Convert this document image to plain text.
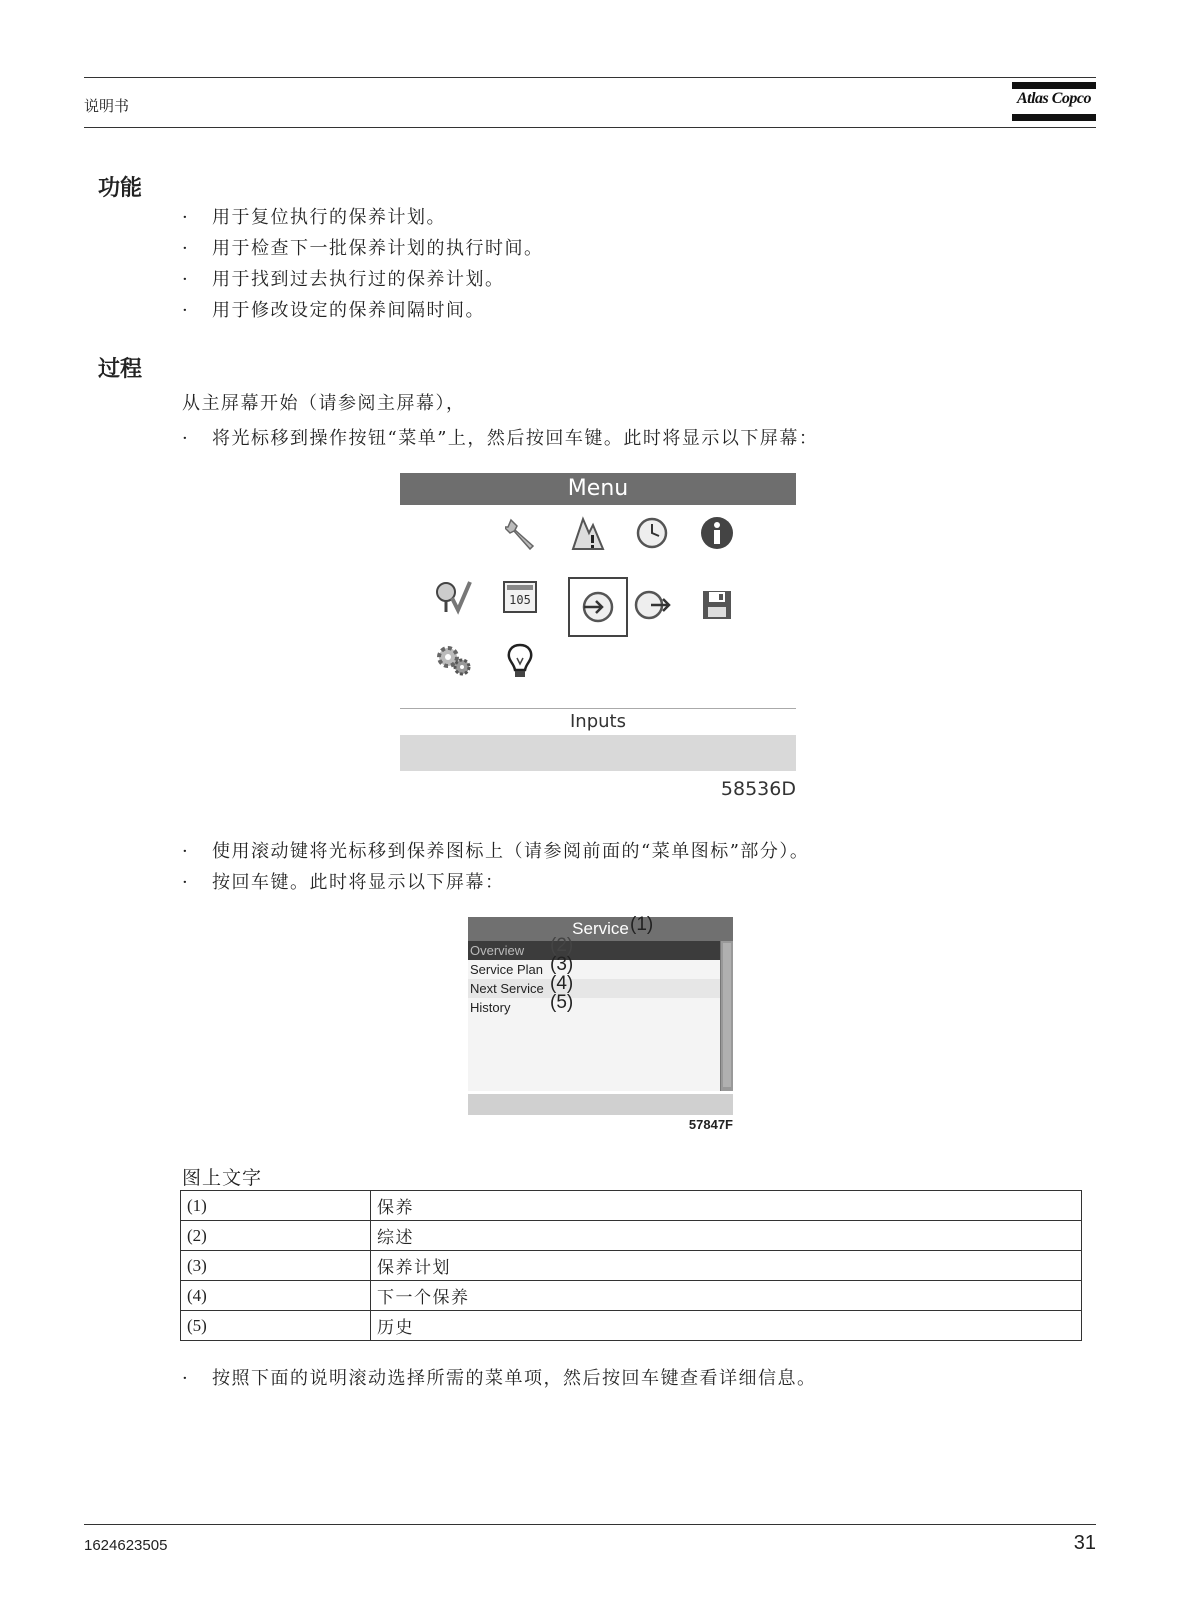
说明书	Atlas Copco
功能
· 用于复位执行的保养计划。
· 用于检查下一批保养计划的执行时间。
· 用于找到过去执行过的保养计划。
· 用于修改设定的保养间隔时间。
过程
从主屏幕开始（请参阅主屏幕），
· 将光标移到操作按钮“菜单”上，然后按回车键。此时将显示以下屏幕：
Menu
105
Inputs
58536D
· 使用滚动键将光标移到保养图标上（请参阅前面的“菜单图标”部分）。
· 按回车键。此时将显示以下屏幕：
Service (1)
Overview
Service Plan
Next Service
History
(2)
(3)
(4)
(5)
57847F
图上文字
(1)	保养
(2)	综述
(3)	保养计划
(4)	下一个保养
(5)	历史
· 按照下面的说明滚动选择所需的菜单项，然后按回车键查看详细信息。
1624623505	31
